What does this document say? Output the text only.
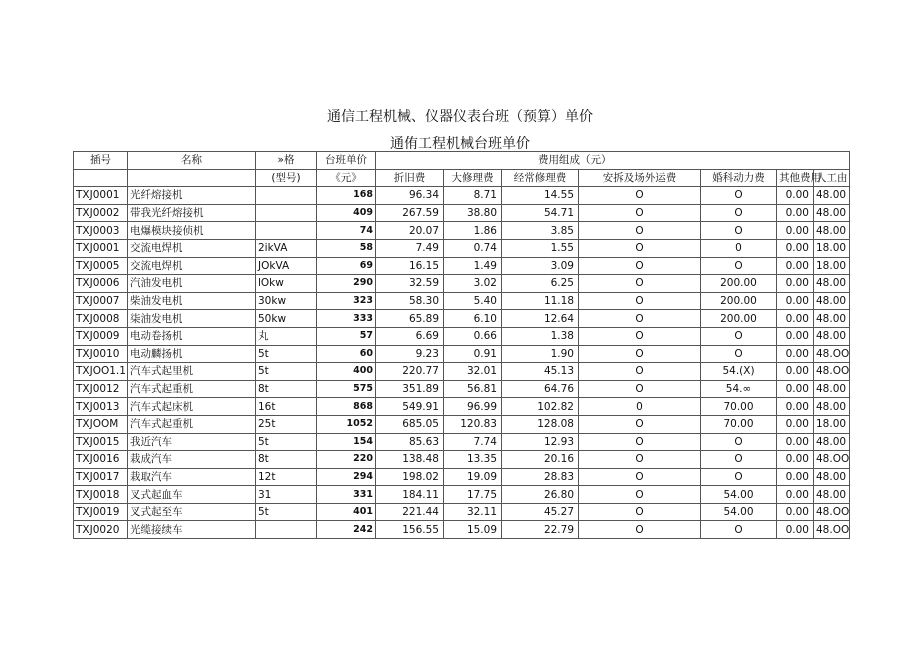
通信工程机械、仪器仪表台班（预算）单价
通侑工程机械台班单价
插号	名称	»格	台班单价	费 用组成（元）						

		(型号)	《元》	折旧费	大修理费	经常修理费	安拆及场外运费	婚科动力费	其他费用	人工由
TXJ0001	光纤熔接机		168	96.34	8.71	14.55	O	O	0.00	48.00
TXJ0002	带我光纤熔接机		409	267.59	38.80	54.71	O	O	0.00	48.00
TXJ0003	电爆模块接侦机		74	20.07	1.86	3.85	O	O	0.00	48.00
TXJ0001	交流电焊机	2ikVA	58	7.49	0.74	1.55	O	0	0.00	18.00
TXJ0005	交流电焊机	JOkVA	69	16.15	1.49	3.09	O	O	0.00	18.00
TXJ0006	汽油发电机	lOkw	290	32.59	3.02	6.25	O	200.00	0.00	48.00
TXJ0007	柴油发电机	30kw	323	58.30	5.40	11.18	O	200.00	0.00	48.00
TXJ0008	柒油发电机	50kw	333	65.89	6.10	12.64	O	200.00	0.00	48.00
TXJ0009	电动卷扬机	丸	57	6.69	0.66	1.38	O	O	0.00	48.00
TXJ0010	电动麟扬机	5t	60	9.23	0.91	1.90	O	O	0.00	48.OO
TXJOO1.1	汽车式起里机	5t	400	220.77	32.01	45.13	O	54.(X)	0.00	48.OO
TXJ0012	汽车式起重机	8t	575	351.89	56.81	64.76	O	54.∞	0.00	48.00
TXJ0013	汽车式起床机	16t	868	549.91	96.99	102.82	0	70.00	0.00	48.00
TXJOOM	汽车式起重机	25t	1052	685.05	120.83	128.08	O	70.00	0.00	18.00
TXJ0015	我近汽车	5t	154	85.63	7.74	12.93	O	O	0.00	48.00
TXJ0016	栽成汽车	8t	220	138.48	13.35	20.16	O	O	0.00	48.OO
TXJ0017	栽取汽车	12t	294	198.02	19.09	28.83	O	O	0.00	48.00
TXJ0018	叉式起血车	31	331	184.11	17.75	26.80	O	54.00	0.00	48.00
TXJ0019	叉式起至车	5t	401	221.44	32.11	45.27	O	54.00	0.00	48.OO
TXJ0020	光缆接续车		242	156.55	15.09	22.79	O	O	0.00	48.OO
